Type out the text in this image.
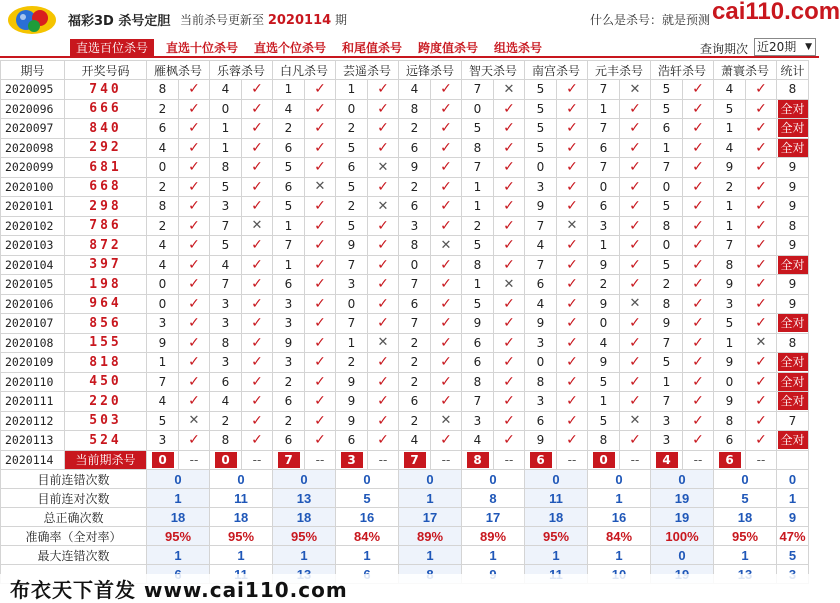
福彩3D 杀号定胆 当前杀号更新至 2020114 期	什么是杀号：就是预测 cai110.com
直选百位杀号	直选十位杀号	直选个位杀号	和尾值杀号	跨度值杀号	组选杀号	查询期次 近20期 ▼
期号	开奖号码	雁枫杀号		乐蓉杀号		白凡杀号		芸遥杀号		远锋杀号		智天杀号		南宫杀号		元丰杀号		浩轩杀号		萧寰杀号		统计
2020095	740	8	✓	4	✓	1	✓	1	✓	4	✓	7	✕	5	✓	7	✕	5	✓	4	✓	8
2020096	666	2	✓	0	✓	4	✓	0	✓	8	✓	0	✓	5	✓	1	✓	5	✓	5	✓	全对
2020097	840	6	✓	1	✓	2	✓	2	✓	2	✓	5	✓	5	✓	7	✓	6	✓	1	✓	全对
2020098	292	4	✓	1	✓	6	✓	5	✓	6	✓	8	✓	5	✓	6	✓	1	✓	4	✓	全对
2020099	681	0	✓	8	✓	5	✓	6	✕	9	✓	7	✓	0	✓	7	✓	7	✓	9	✓	9
2020100	668	2	✓	5	✓	6	✕	5	✓	2	✓	1	✓	3	✓	0	✓	0	✓	2	✓	9
2020101	298	8	✓	3	✓	5	✓	2	✕	6	✓	1	✓	9	✓	6	✓	5	✓	1	✓	9
2020102	786	2	✓	7	✕	1	✓	5	✓	3	✓	2	✓	7	✕	3	✓	8	✓	1	✓	8
2020103	872	4	✓	5	✓	7	✓	9	✓	8	✕	5	✓	4	✓	1	✓	0	✓	7	✓	9
2020104	397	4	✓	4	✓	1	✓	7	✓	0	✓	8	✓	7	✓	9	✓	5	✓	8	✓	全对
2020105	198	0	✓	7	✓	6	✓	3	✓	7	✓	1	✕	6	✓	2	✓	2	✓	9	✓	9
2020106	964	0	✓	3	✓	3	✓	0	✓	6	✓	5	✓	4	✓	9	✕	8	✓	3	✓	9
2020107	856	3	✓	3	✓	3	✓	7	✓	7	✓	9	✓	9	✓	0	✓	9	✓	5	✓	全对
2020108	155	9	✓	8	✓	9	✓	1	✕	2	✓	6	✓	3	✓	4	✓	7	✓	1	✕	8
2020109	818	1	✓	3	✓	3	✓	2	✓	2	✓	6	✓	0	✓	9	✓	5	✓	9	✓	全对
2020110	450	7	✓	6	✓	2	✓	9	✓	2	✓	8	✓	8	✓	5	✓	1	✓	0	✓	全对
2020111	220	4	✓	4	✓	6	✓	9	✓	6	✓	7	✓	3	✓	1	✓	7	✓	9	✓	全对
2020112	503	5	✕	2	✓	2	✓	9	✓	2	✕	3	✓	6	✓	5	✕	3	✓	8	✓	7
2020113	524	3	✓	8	✓	6	✓	6	✓	4	✓	4	✓	9	✓	8	✓	3	✓	6	✓	全对
2020114	当前期杀号	0	--	0	--	7	--	3	--	7	--	8	--	6	--	0	--	4	--	6	--	
目前连错次数		0		0		0		0		0		0		0		0		0		0		0
目前连对次数		1		11		13		5		1		8		11		1		19		5		1
总正确次数		18		18		18		16		17		17		18		16		19		18		9
准确率（全对率）		95%		95%		95%		84%		89%		89%		95%		84%		100%		95%		47%
最大连错次数		1		1		1		1		1		1		1		1		0		1		5

布衣天下首发 www.cai110.com
